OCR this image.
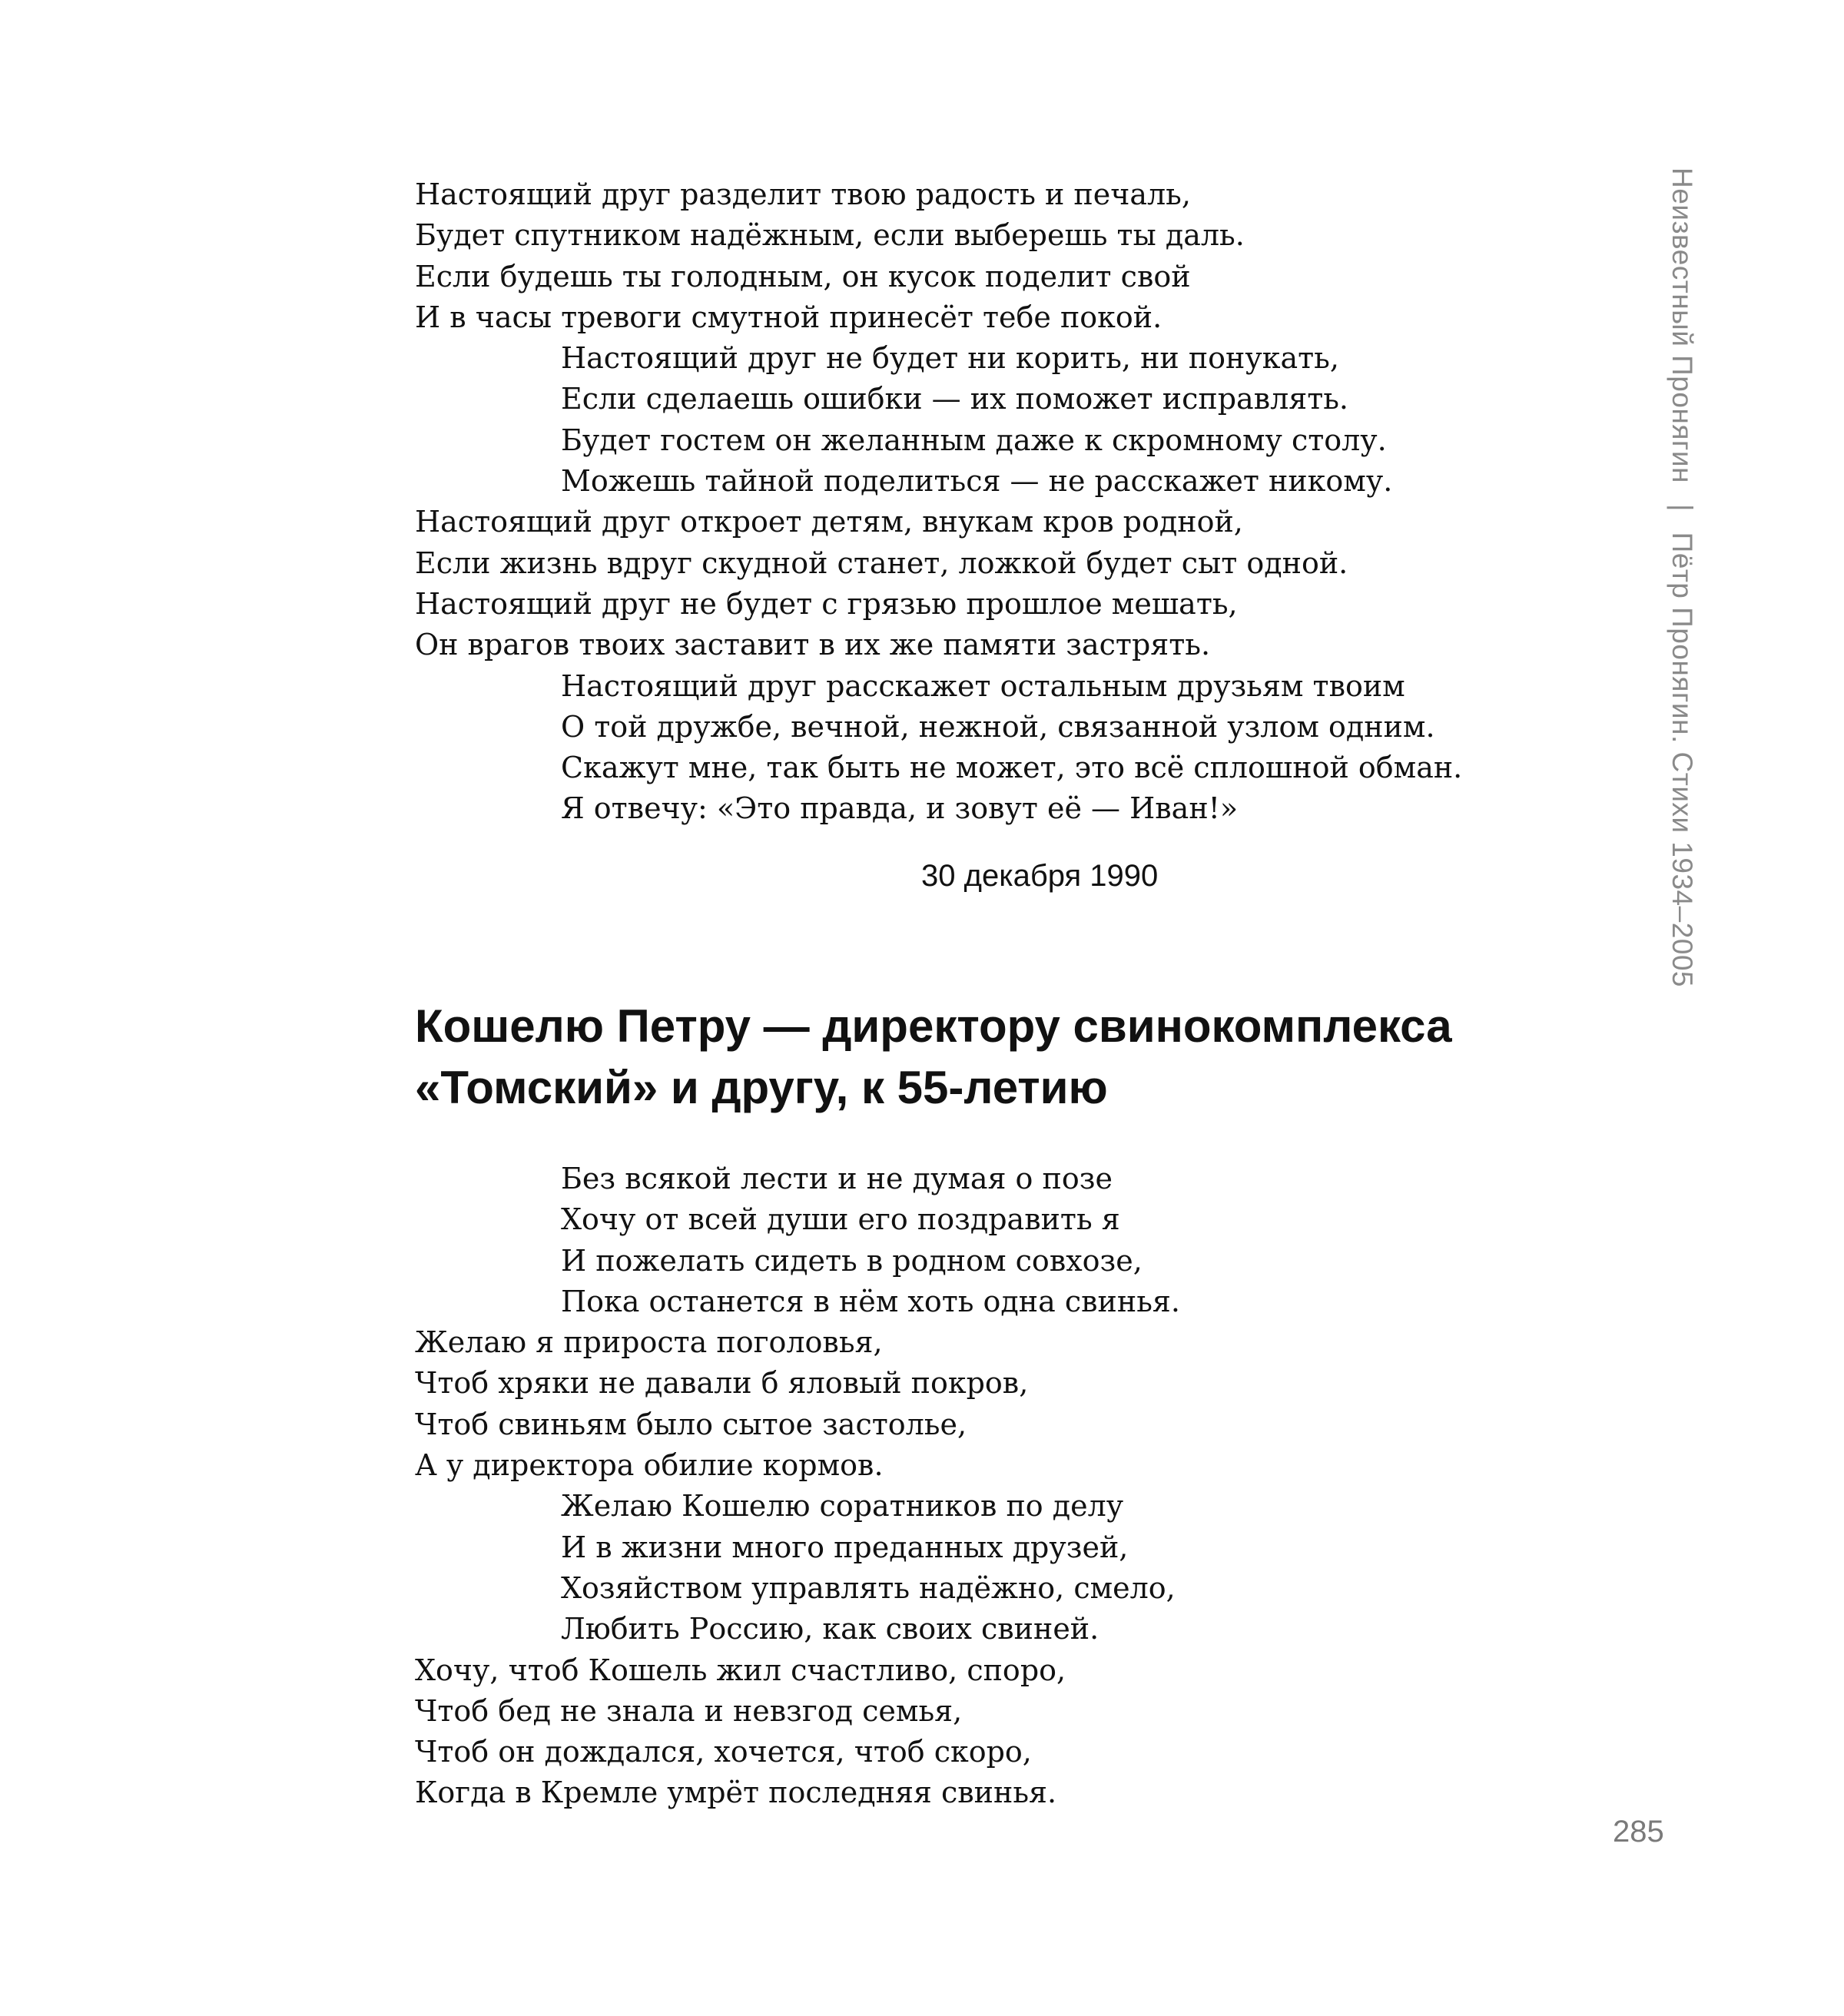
Настоящий друг разделит твою радость и печаль,
Будет спутником надёжным, если выберешь ты даль.
Если будешь ты голодным, он кусок поделит свой
И в часы тревоги смутной принесёт тебе покой.
Настоящий друг не будет ни корить, ни понукать,
Если сделаешь ошибки — их поможет исправлять.
Будет гостем он желанным даже к скромному столу.
Можешь тайной поделиться — не расскажет никому.
Настоящий друг откроет детям, внукам кров родной,
Если жизнь вдруг скудной станет, ложкой будет сыт одной.
Настоящий друг не будет с грязью прошлое мешать,
Он врагов твоих заставит в их же памяти застрять.
Настоящий друг расскажет остальным друзьям твоим
О той дружбе, вечной, нежной, связанной узлом одним.
Скажут мне, так быть не может, это всё сплошной обман.
Я отвечу: «Это правда, и зовут её — Иван!»
30 декабря 1990
Кошелю Петру — директору свинокомплекса
«Томский» и другу, к 55-летию
Без всякой лести и не думая о позе
Хочу от всей души его поздравить я
И пожелать сидеть в родном совхозе,
Пока останется в нём хоть одна свинья.
Желаю я прироста поголовья,
Чтоб хряки не давали б яловый покров,
Чтоб свиньям было сытое застолье,
А у директора обилие кормов.
Желаю Кошелю соратников по делу
И в жизни много преданных друзей,
Хозяйством управлять надёжно, смело,
Любить Россию, как своих свиней.
Хочу, чтоб Кошель жил счастливо, споро,
Чтоб бед не знала и невзгод семья,
Чтоб он дождался, хочется, чтоб скоро,
Когда в Кремле умрёт последняя свинья.
Неизвестный Пронягин | Пётр Пронягин. Стихи 1934–2005
285
